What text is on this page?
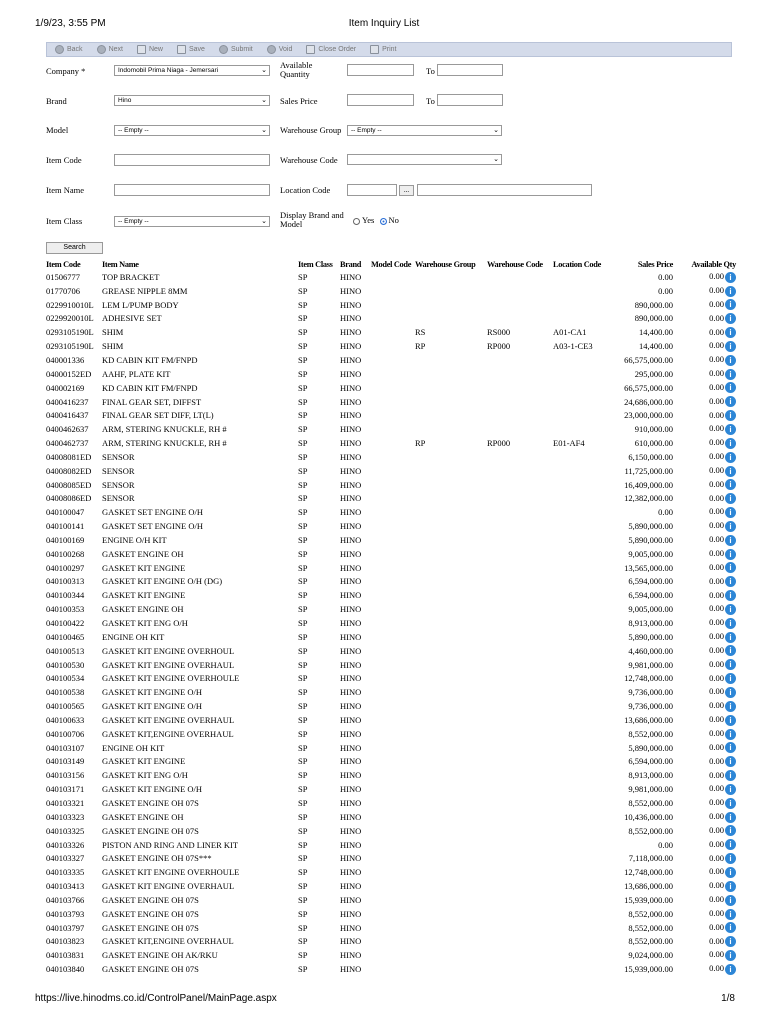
1/9/23, 3:55 PM	Item Inquiry List
Back	Next	New	Save	Submit	Void	Close Order	Print
Company *	Indomobil Prima Niaga - Jemersari	⌄
Brand	Hino	⌄
Model	-- Empty --	⌄
Item Code
Item Name
Item Class	-- Empty --	⌄
Available Quantity	To
Sales Price	To
Warehouse Group	-- Empty --	⌄
Warehouse Code	⌄
Location Code	...
Display Brand and Model	Yes No
Search
Item Code	Item Name	Item Class	Brand	Model Code	Warehouse Group	Warehouse Code	Location Code	Sales Price	Available Qty
01506777	TOP BRACKET	SP	HINO					0.00	0.00 i
01770706	GREASE NIPPLE 8MM	SP	HINO					0.00	0.00 i
0229910010L	LEM L/PUMP BODY	SP	HINO					890,000.00	0.00 i
0229920010L	ADHESIVE SET	SP	HINO					890,000.00	0.00 i
0293105190L	SHIM	SP	HINO		RS	RS000	A01-CA1	14,400.00	0.00 i
0293105190L	SHIM	SP	HINO		RP	RP000	A03-1-CE3	14,400.00	0.00 i
040001336	KD CABIN KIT FM/FNPD	SP	HINO					66,575,000.00	0.00 i
04000152ED	AAHF, PLATE KIT	SP	HINO					295,000.00	0.00 i
040002169	KD CABIN KIT FM/FNPD	SP	HINO					66,575,000.00	0.00 i
0400416237	FINAL GEAR SET, DIFFST	SP	HINO					24,686,000.00	0.00 i
0400416437	FINAL GEAR SET DIFF, LT(L)	SP	HINO					23,000,000.00	0.00 i
0400462637	ARM, STERING KNUCKLE, RH #	SP	HINO					910,000.00	0.00 i
0400462737	ARM, STERING KNUCKLE, RH #	SP	HINO		RP	RP000	E01-AF4	610,000.00	0.00 i
04008081ED	SENSOR	SP	HINO					6,150,000.00	0.00 i
04008082ED	SENSOR	SP	HINO					11,725,000.00	0.00 i
04008085ED	SENSOR	SP	HINO					16,409,000.00	0.00 i
04008086ED	SENSOR	SP	HINO					12,382,000.00	0.00 i
040100047	GASKET SET ENGINE O/H	SP	HINO					0.00	0.00 i
040100141	GASKET SET ENGINE O/H	SP	HINO					5,890,000.00	0.00 i
040100169	ENGINE O/H KIT	SP	HINO					5,890,000.00	0.00 i
040100268	GASKET ENGINE OH	SP	HINO					9,005,000.00	0.00 i
040100297	GASKET KIT ENGINE	SP	HINO					13,565,000.00	0.00 i
040100313	GASKET KIT ENGINE O/H (DG)	SP	HINO					6,594,000.00	0.00 i
040100344	GASKET KIT ENGINE	SP	HINO					6,594,000.00	0.00 i
040100353	GASKET ENGINE OH	SP	HINO					9,005,000.00	0.00 i
040100422	GASKET KIT ENG O/H	SP	HINO					8,913,000.00	0.00 i
040100465	ENGINE OH KIT	SP	HINO					5,890,000.00	0.00 i
040100513	GASKET KIT ENGINE OVERHOUL	SP	HINO					4,460,000.00	0.00 i
040100530	GASKET KIT ENGINE OVERHAUL	SP	HINO					9,981,000.00	0.00 i
040100534	GASKET KIT ENGINE OVERHOULE	SP	HINO					12,748,000.00	0.00 i
040100538	GASKET KIT ENGINE O/H	SP	HINO					9,736,000.00	0.00 i
040100565	GASKET KIT ENGINE O/H	SP	HINO					9,736,000.00	0.00 i
040100633	GASKET KIT ENGINE OVERHAUL	SP	HINO					13,686,000.00	0.00 i
040100706	GASKET KIT,ENGINE OVERHAUL	SP	HINO					8,552,000.00	0.00 i
040103107	ENGINE OH KIT	SP	HINO					5,890,000.00	0.00 i
040103149	GASKET KIT ENGINE	SP	HINO					6,594,000.00	0.00 i
040103156	GASKET KIT ENG O/H	SP	HINO					8,913,000.00	0.00 i
040103171	GASKET KIT ENGINE O/H	SP	HINO					9,981,000.00	0.00 i
040103321	GASKET ENGINE OH 07S	SP	HINO					8,552,000.00	0.00 i
040103323	GASKET ENGINE OH	SP	HINO					10,436,000.00	0.00 i
040103325	GASKET ENGINE OH 07S	SP	HINO					8,552,000.00	0.00 i
040103326	PISTON AND RING AND LINER KIT	SP	HINO					0.00	0.00 i
040103327	GASKET ENGINE OH 07S***	SP	HINO					7,118,000.00	0.00 i
040103335	GASKET KIT ENGINE OVERHOULE	SP	HINO					12,748,000.00	0.00 i
040103413	GASKET KIT ENGINE OVERHAUL	SP	HINO					13,686,000.00	0.00 i
040103766	GASKET ENGINE OH 07S	SP	HINO					15,939,000.00	0.00 i
040103793	GASKET ENGINE OH 07S	SP	HINO					8,552,000.00	0.00 i
040103797	GASKET ENGINE OH 07S	SP	HINO					8,552,000.00	0.00 i
040103823	GASKET KIT,ENGINE OVERHAUL	SP	HINO					8,552,000.00	0.00 i
040103831	GASKET ENGINE OH AK/RKU	SP	HINO					9,024,000.00	0.00 i
040103840	GASKET ENGINE OH 07S	SP	HINO					15,939,000.00	0.00 i
https://live.hinodms.co.id/ControlPanel/MainPage.aspx	1/8
